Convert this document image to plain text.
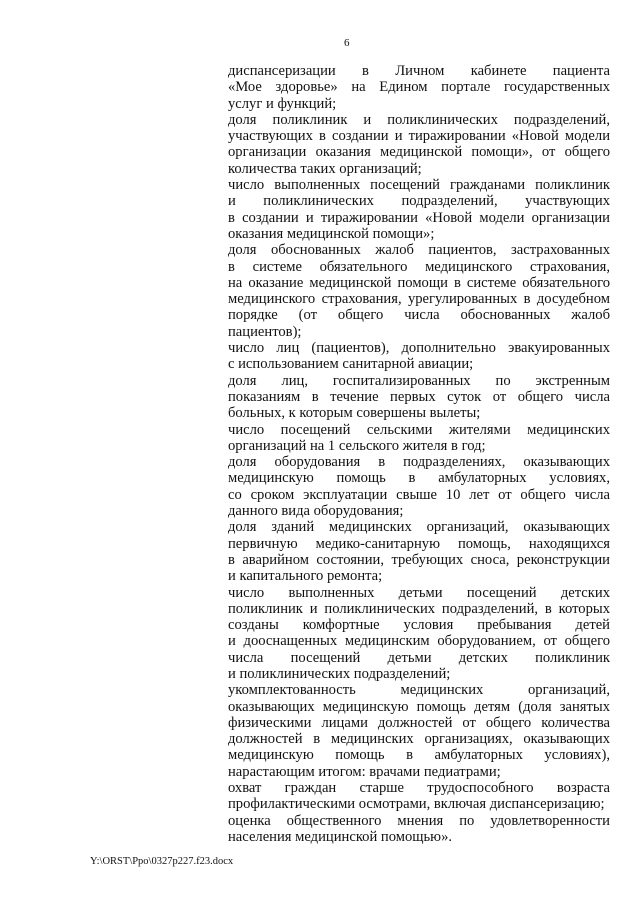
6
диспансеризации в Личном кабинете пациента
«Мое здоровье» на Едином портале государственных
услуг и функций;
доля поликлиник и поликлинических подразделений,
участвующих в создании и тиражировании «Новой модели
организации оказания медицинской помощи», от общего
количества таких организаций;
число выполненных посещений гражданами поликлиник
и поликлинических подразделений, участвующих
в создании и тиражировании «Новой модели организации
оказания медицинской помощи»;
доля обоснованных жалоб пациентов, застрахованных
в системе обязательного медицинского страхования,
на оказание медицинской помощи в системе обязательного
медицинского страхования, урегулированных в досудебном
порядке (от общего числа обоснованных жалоб
пациентов);
число лиц (пациентов), дополнительно эвакуированных
с использованием санитарной авиации;
доля лиц, госпитализированных по экстренным
показаниям в течение первых суток от общего числа
больных, к которым совершены вылеты;
число посещений сельскими жителями медицинских
организаций на 1 сельского жителя в год;
доля оборудования в подразделениях, оказывающих
медицинскую помощь в амбулаторных условиях,
со сроком эксплуатации свыше 10 лет от общего числа
данного вида оборудования;
доля зданий медицинских организаций, оказывающих
первичную медико-санитарную помощь, находящихся
в аварийном состоянии, требующих сноса, реконструкции
и капитального ремонта;
число выполненных детьми посещений детских
поликлиник и поликлинических подразделений, в которых
созданы комфортные условия пребывания детей
и дооснащенных медицинским оборудованием, от общего
числа посещений детьми детских поликлиник
и поликлинических подразделений;
укомплектованность медицинских организаций,
оказывающих медицинскую помощь детям (доля занятых
физическими лицами должностей от общего количества
должностей в медицинских организациях, оказывающих
медицинскую помощь в амбулаторных условиях),
нарастающим итогом: врачами педиатрами;
охват граждан старше трудоспособного возраста
профилактическими осмотрами, включая диспансеризацию;
оценка общественного мнения по удовлетворенности
населения медицинской помощью».
Y:\ORST\Ppo\0327p227.f23.docx
